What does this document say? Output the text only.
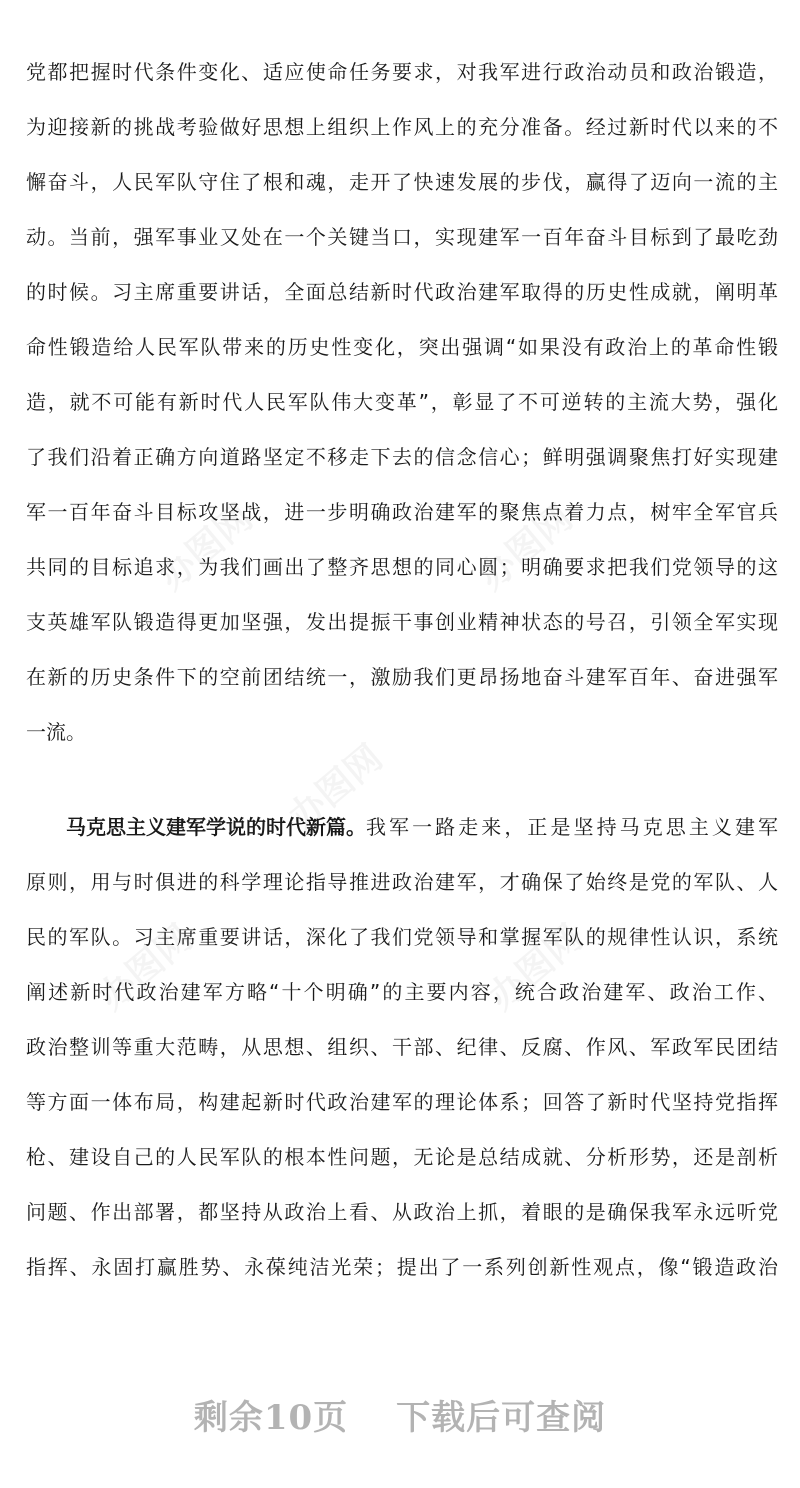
办图网	办图网
办图网
办图网	办图网
党都把握时代条件变化、适应使命任务要求，对我军进行政治动员和政治锻造，
为迎接新的挑战考验做好思想上组织上作风上的充分准备。经过新时代以来的不
懈奋斗，人民军队守住了根和魂，走开了快速发展的步伐，赢得了迈向一流的主
动。当前，强军事业又处在一个关键当口，实现建军一百年奋斗目标到了最吃劲
的时候。习主席重要讲话，全面总结新时代政治建军取得的历史性成就，阐明革
命性锻造给人民军队带来的历史性变化，突出强调“如果没有政治上的革命性锻
造，就不可能有新时代人民军队伟大变革”，彰显了不可逆转的主流大势，强化
了我们沿着正确方向道路坚定不移走下去的信念信心；鲜明强调聚焦打好实现建
军一百年奋斗目标攻坚战，进一步明确政治建军的聚焦点着力点，树牢全军官兵
共同的目标追求，为我们画出了整齐思想的同心圆；明确要求把我们党领导的这
支英雄军队锻造得更加坚强，发出提振干事创业精神状态的号召，引领全军实现
在新的历史条件下的空前团结统一，激励我们更昂扬地奋斗建军百年、奋进强军
一流。
马克思主义建军学说的时代新篇。 我军一路走来，正是坚持马克思主义建军
原则，用与时俱进的科学理论指导推进政治建军，才确保了始终是党的军队、人
民的军队。习主席重要讲话，深化了我们党领导和掌握军队的规律性认识，系统
阐述新时代政治建军方略“十个明确”的主要内容，统合政治建军、政治工作、
政治整训等重大范畴，从思想、组织、干部、纪律、反腐、作风、军政军民团结
等方面一体布局，构建起新时代政治建军的理论体系；回答了新时代坚持党指挥
枪、建设自己的人民军队的根本性问题，无论是总结成就、分析形势，还是剖析
问题、作出部署，都坚持从政治上看、从政治上抓，着眼的是确保我军永远听党
指挥、永固打赢胜势、永葆纯洁光荣；提出了一系列创新性观点，像“锻造政治
剩余10页 下载后可查阅
